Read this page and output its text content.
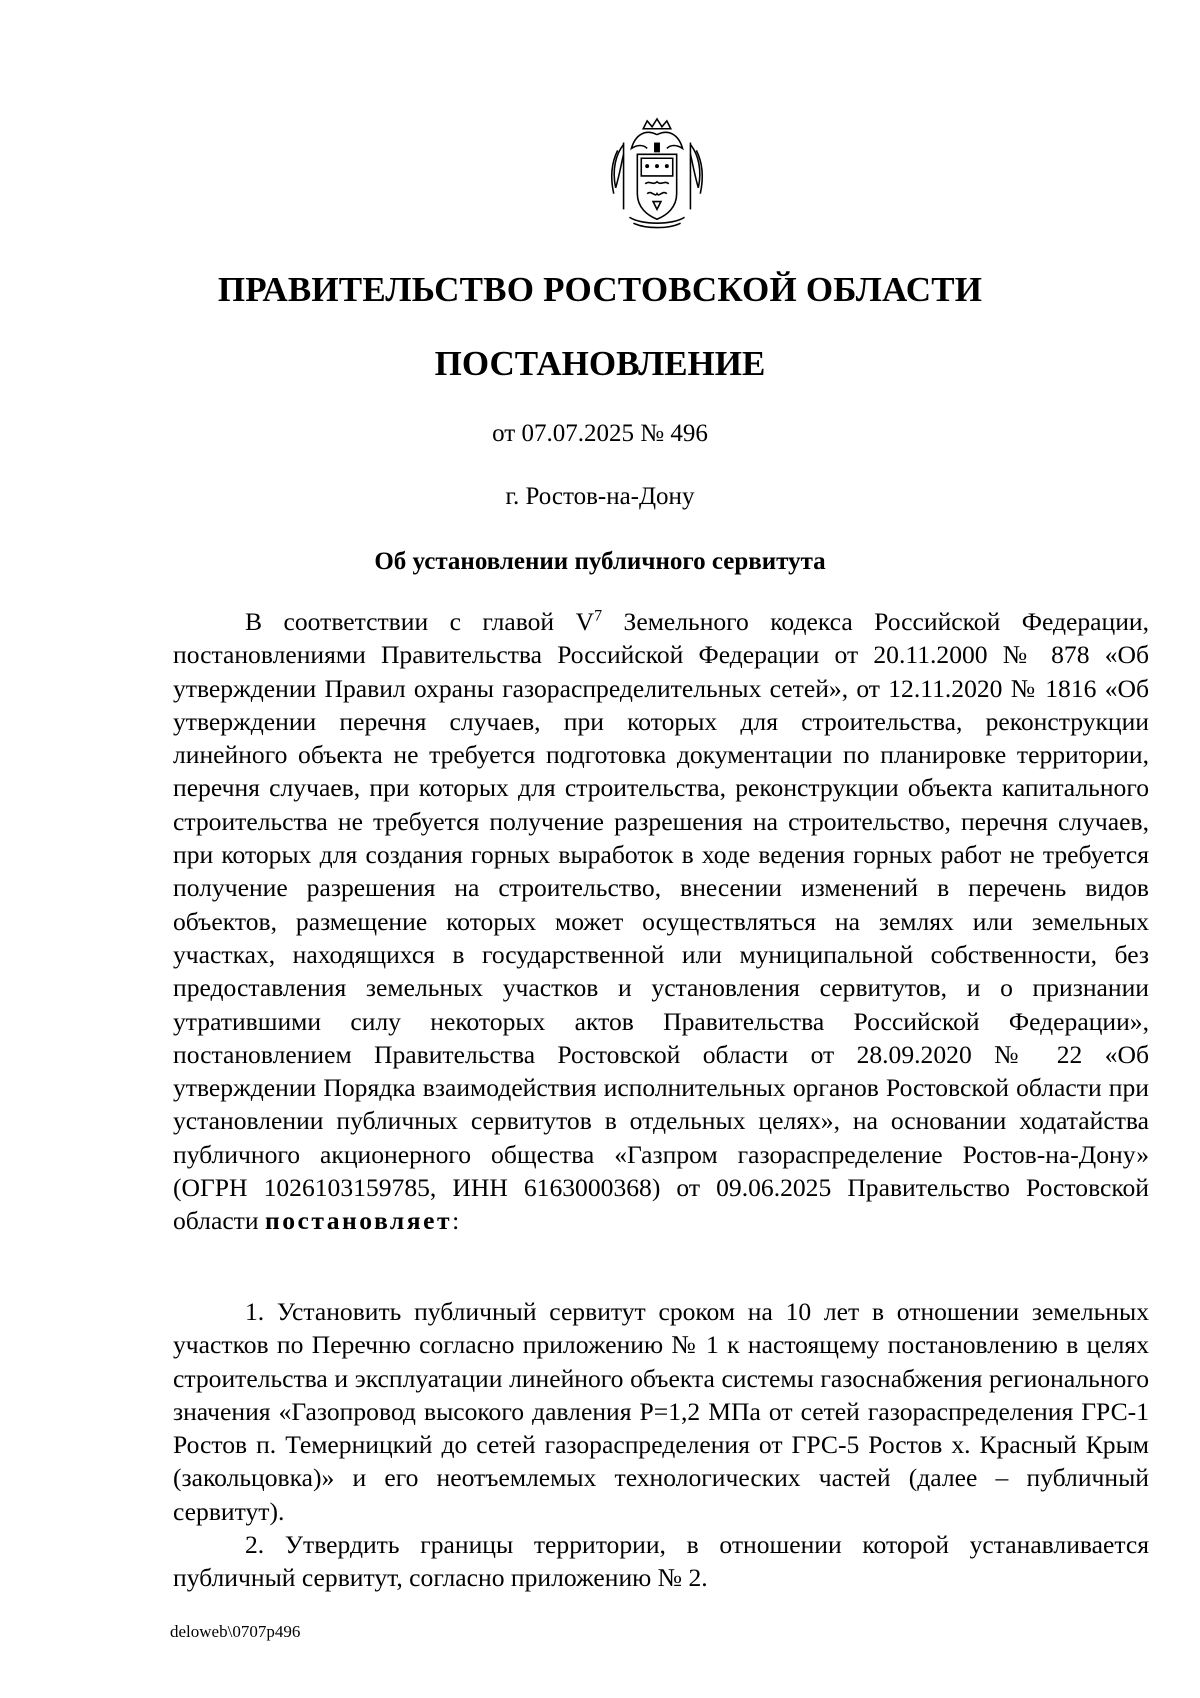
ПРАВИТЕЛЬСТВО РОСТОВСКОЙ ОБЛАСТИ
ПОСТАНОВЛЕНИЕ
от 07.07.2025 № 496
г. Ростов-на-Дону
Об установлении публичного сервитута

В соответствии с главой $V^7$ Земельного кодекса Российской Федерации, постановлениями Правительства Российской Федерации от 20.11.2000 № 878 «Об утверждении Правил охраны газораспределительных сетей», от 12.11.2020 № 1816 «Об утверждении перечня случаев, при которых для строительства, реконструкции линейного объекта не требуется подготовка документации по планировке территории, перечня случаев, при которых для строительства, реконструкции объекта капитального строительства не требуется получение разрешения на строительство, перечня случаев, при которых для создания горных выработок в ходе ведения горных работ не требуется получение разрешения на строительство, внесении изменений в перечень видов объектов, размещение которых может осуществляться на землях или земельных участках, находящихся в государственной или муниципальной собственности, без предоставления земельных участков и установления сервитутов, и о признании утратившими силу некоторых актов Правительства Российской Федерации», постановлением Правительства Ростовской области от 28.09.2020 № 22 «Об утверждении Порядка взаимодействия исполнительных органов Ростовской области при установлении публичных сервитутов в отдельных целях», на основании ходатайства публичного акционерного общества «Газпром газораспределение Ростов-на-Дону» (ОГРН 1026103159785, ИНН 6163000368) от 09.06.2025 Правительство Ростовской области постановляет:

1. Установить публичный сервитут сроком на 10 лет в отношении земельных участков по Перечню согласно приложению № 1 к настоящему постановлению в целях строительства и эксплуатации линейного объекта системы газоснабжения регионального значения «Газопровод высокого давления Р=1,2 МПа от сетей газораспределения ГРС-1 Ростов п. Темерницкий до сетей газораспределения от ГРС-5 Ростов х. Красный Крым (закольцовка)» и его неотъемлемых технологических частей (далее – публичный сервитут).

2. Утвердить границы территории, в отношении которой устанавливается публичный сервитут, согласно приложению № 2.

deloweb\0707p496
